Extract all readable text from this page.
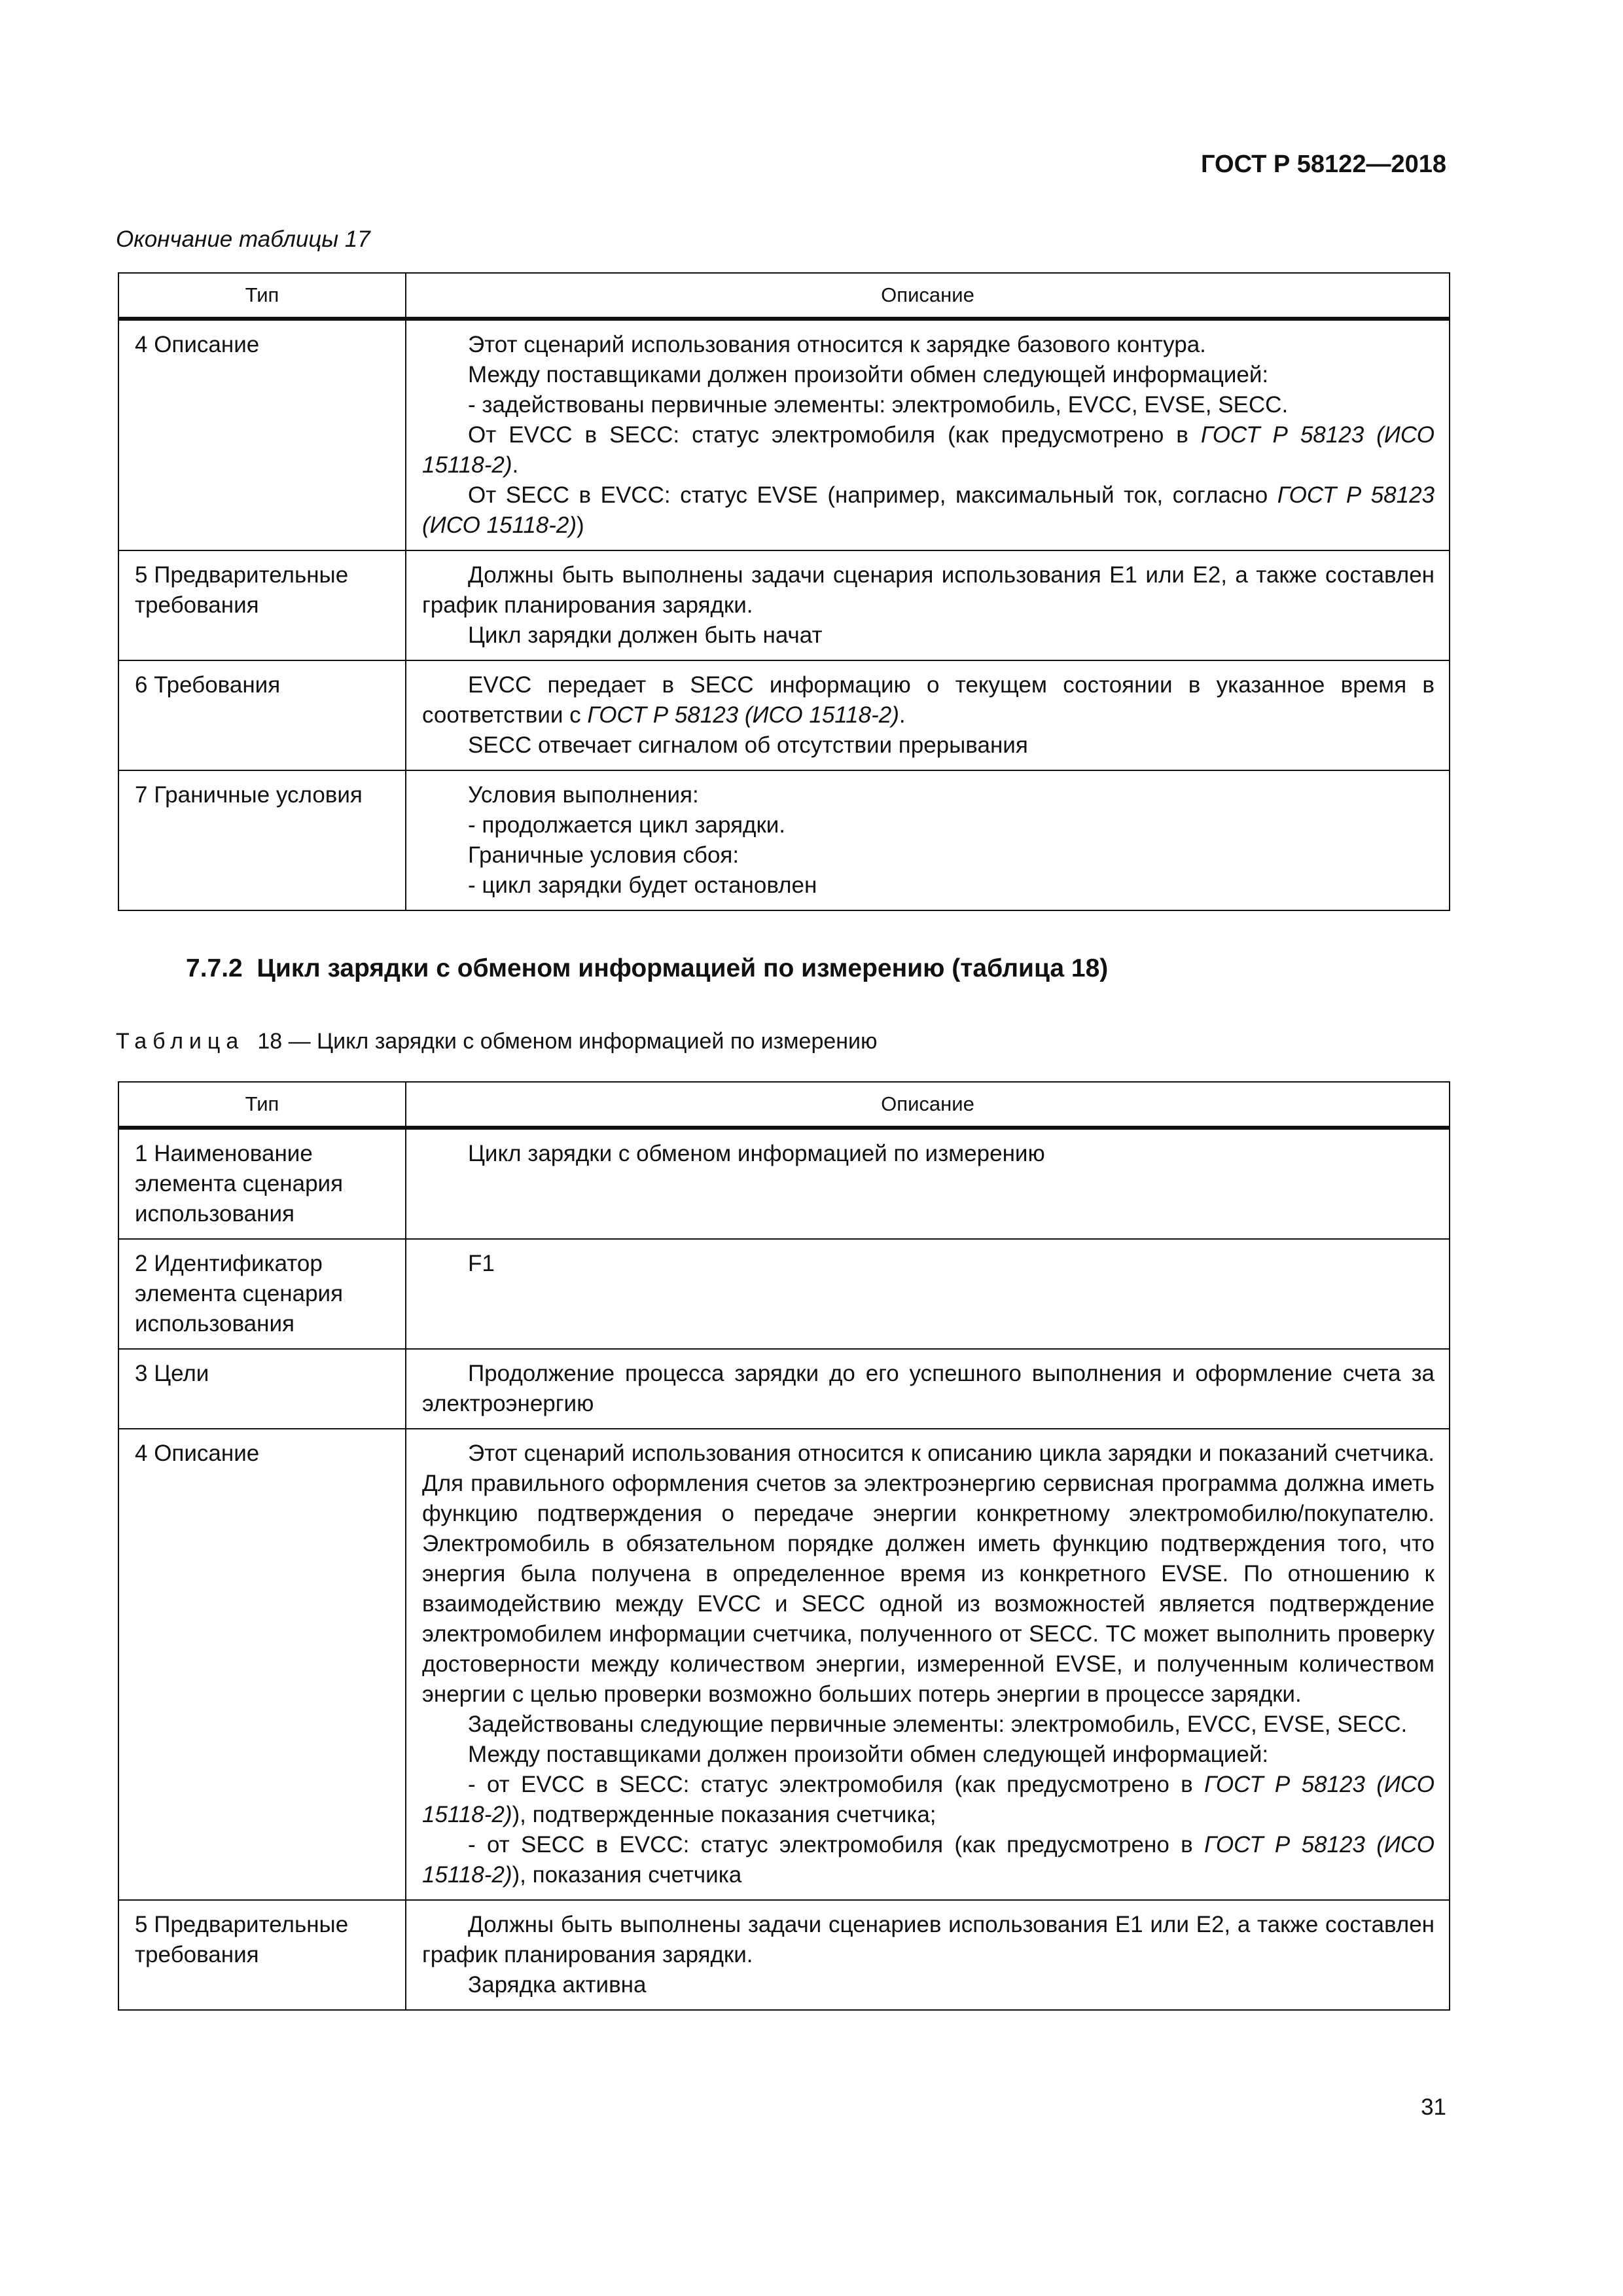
ГОСТ Р 58122—2018
Окончание таблицы 17
Тип	Описание
4 Описание	Этот сценарий использования относится к зарядке базового контура.
Между поставщиками должен произойти обмен следующей информацией:
- задействованы первичные элементы: электромобиль, EVCC, EVSE, SECC.
От EVCC в SECC: статус электромобиля (как предусмотрено в ГОСТ Р 58123 (ИСО 15118-2).
От SECC в EVCC: статус EVSE (например, максимальный ток, согласно ГОСТ Р 58123 (ИСО 15118-2))

5 Предварительные требования	Должны быть выполнены задачи сценария использования E1 или E2, а также составлен график планирования зарядки.
Цикл зарядки должен быть начат

6 Требования	EVCC передает в SECC информацию о текущем состоянии в указанное время в соответствии с ГОСТ Р 58123 (ИСО 15118-2).
SECC отвечает сигналом об отсутствии прерывания

7 Граничные условия	Условия выполнения:
- продолжается цикл зарядки.
Граничные условия сбоя:
- цикл зарядки будет остановлен
7.7.2 Цикл зарядки с обменом информацией по измерению (таблица 18)
Таблица 18 — Цикл зарядки с обменом информацией по измерению
Тип	Описание
1 Наименование элемента сценария использования	Цикл зарядки с обменом информацией по измерению

2 Идентификатор элемента сценария использования	F1

3 Цели	Продолжение процесса зарядки до его успешного выполнения и оформление счета за электроэнергию

4 Описание	Этот сценарий использования относится к описанию цикла зарядки и показаний счетчика. Для правильного оформления счетов за электроэнергию сервисная программа должна иметь функцию подтверждения о передаче энергии конкретному электромобилю/покупателю. Электромобиль в обязательном порядке должен иметь функцию подтверждения того, что энергия была получена в определенное время из конкретного EVSE. По отношению к взаимодействию между EVCC и SECC одной из возможностей является подтверждение электромобилем информации счетчика, полученного от SECC. ТС может выполнить проверку достоверности между количеством энергии, измеренной EVSE, и полученным количеством энергии с целью проверки возможно больших потерь энергии в процессе зарядки.
Задействованы следующие первичные элементы: электромобиль, EVCC, EVSE, SECC.
Между поставщиками должен произойти обмен следующей информацией:
- от EVCC в SECC: статус электромобиля (как предусмотрено в ГОСТ Р 58123 (ИСО 15118-2)), подтвержденные показания счетчика;
- от SECC в EVCC: статус электромобиля (как предусмотрено в ГОСТ Р 58123 (ИСО 15118-2)), показания счетчика

5 Предварительные требования	Должны быть выполнены задачи сценариев использования E1 или E2, а также составлен график планирования зарядки.
Зарядка активна
31
